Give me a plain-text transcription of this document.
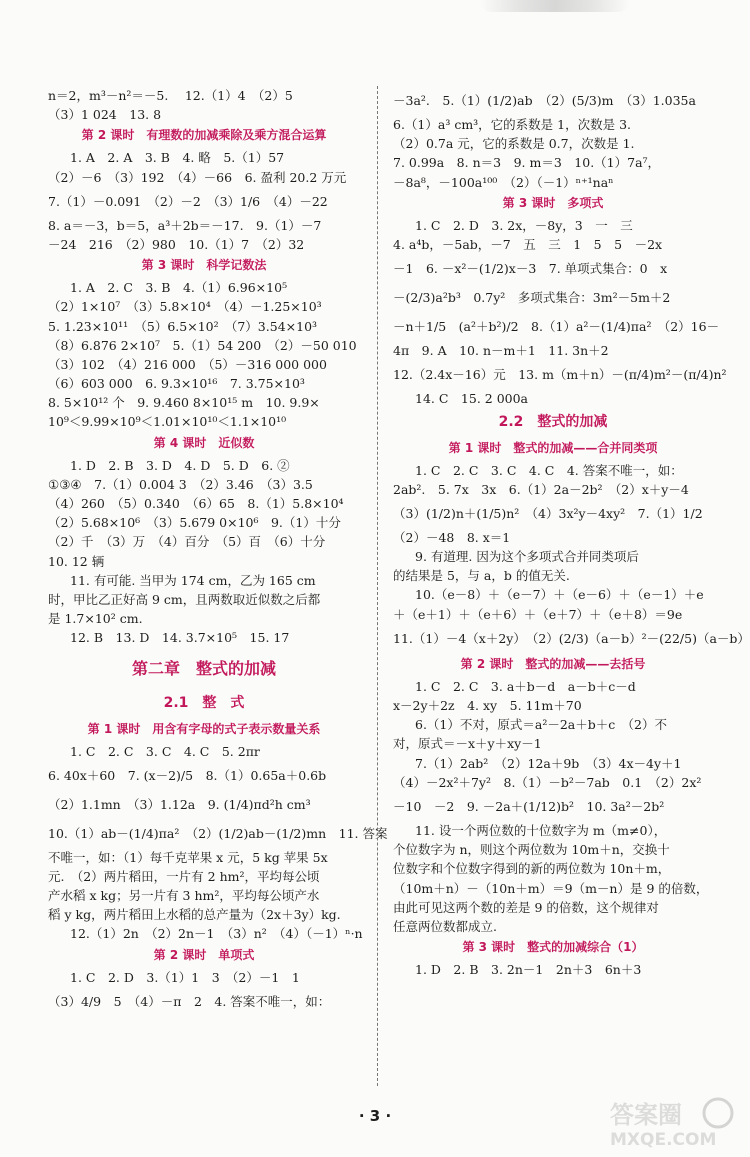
n＝2，m³－n²＝－5.　 12.（1）4　（2）5
（3）1 024　13. 8
第 2 课时　有理数的加减乘除及乘方混合运算
1. A　2. A　3. B　4. 略　5.（1）57
（2）－6　（3）192　（4）－66　6. 盈利 20.2 万元
7.（1）－0.091　（2）－2　（3）1/6　（4）－22
8. a＝－3，b＝5，a³＋2b＝－17.　9.（1）－7
－24　216　（2）980　10.（1）7　（2）32
第 3 课时　科学记数法
1. A　2. C　3. B　4.（1）6.96×10⁵
（2）1×10⁷　（3）5.8×10⁴　（4）－1.25×10³
5. 1.23×10¹¹　（5）6.5×10²　（7）3.54×10³
（8）6.876 2×10⁷　5.（1）54 200　（2）－50 010
（3）102　（4）216 000　（5）－316 000 000
（6）603 000　6. 9.3×10¹⁶　7. 3.75×10³
8. 5×10¹² 个　9. 9.460 8×10¹⁵ m　10. 9.9×
10⁹＜9.99×10⁹＜1.01×10¹⁰＜1.1×10¹⁰
第 4 课时　近似数
1. D　2. B　3. D　4. D　5. D　6. ②
①③④　7.（1）0.004 3　（2）3.46　（3）3.5
（4）260　（5）0.340　（6）65　8.（1）5.8×10⁴
（2）5.68×10⁶　（3）5.679 0×10⁶　9.（1）十分
（2）千　（3）万　（4）百分　（5）百　（6）十分
10. 12 辆
11. 有可能. 当甲为 174 cm，乙为 165 cm
时，甲比乙正好高 9 cm，且两数取近似数之后都
是 1.7×10² cm.
12. B　13. D　14. 3.7×10⁵　15. 17
第二章　整式的加减
2.1　整　式
第 1 课时　用含有字母的式子表示数量关系
1. C　2. C　3. C　4. C　5. 2πr
6. 40x＋60　7. (x－2)/5　8.（1）0.65a＋0.6b
（2）1.1mn　（3）1.12a　9. (1/4)πd²h cm³
10.（1）ab－(1/4)πa²　（2）(1/2)ab－(1/2)mn　11. 答案
不唯一，如：（1）每千克苹果 x 元，5 kg 苹果 5x
元.　（2）两片稻田，一片有 2 hm²，平均每公顷
产水稻 x kg；另一片有 3 hm²，平均每公顷产水
稻 y kg，两片稻田上水稻的总产量为（2x＋3y）kg.
12.（1）2n　（2）2n－1　（3）n²　（4）（－1）ⁿ·n
第 2 课时　单项式
1. C　2. D　3.（1）1　3　（2）－1　1
（3）4/9　5　（4）－π　2　4. 答案不唯一，如：
－3a².　5.（1）(1/2)ab　（2）(5/3)m　（3）1.035a
6.（1）a³ cm³，它的系数是 1，次数是 3.
（2）0.7a 元，它的系数是 0.7，次数是 1.
7. 0.99a　8. n＝3　9. m＝3　10.（1）7a⁷，
－8a⁸，－100a¹⁰⁰　（2）（－1）ⁿ⁺¹naⁿ
第 3 课时　多项式
1. C　2. D　3. 2x，－8y，3　一　三
4. a⁴b，－5ab，－7　五　三　1　5　5　－2x
－1　6. －x²－(1/2)x－3　7. 单项式集合：0　x
－(2/3)a²b³　0.7y²　多项式集合：3m²－5m＋2
－n＋1/5　(a²＋b²)/2　8.（1）a²－(1/4)πa²　（2）16－
4π　9. A　10. n－m＋1　11. 3n＋2
12.（2.4x－16）元　13. m（m＋n）－(π/4)m²－(π/4)n²
14. C　15. 2 000a
2.2　整式的加减
第 1 课时　整式的加减——合并同类项
1. C　2. C　3. C　4. C　4. 答案不唯一，如：
2ab².　5. 7x　3x　6.（1）2a－2b²　（2）x＋y－4
（3）(1/2)n＋(1/5)n²　（4）3x²y－4xy²　7.（1）1/2
（2）－48　8. x＝1
9. 有道理. 因为这个多项式合并同类项后
的结果是 5，与 a，b 的值无关.
10.（e－8）＋（e－7）＋（e－6）＋（e－1）＋e
＋（e＋1）＋（e＋6）＋（e＋7）＋（e＋8）＝9e
11.（1）－4（x＋2y）　（2）(2/3)（a－b）²－(22/5)（a－b）
第 2 课时　整式的加减——去括号
1. C　2. C　3. a＋b－d　a－b＋c－d
x－2y＋2z　4. xy　5. 11m＋70
6.（1）不对，原式＝a²－2a＋b＋c　（2）不
对，原式＝－x＋y＋xy－1
7.（1）2ab²　（2）12a＋9b　（3）4x－4y＋1
（4）－2x²＋7y²　8.（1）－b²－7ab　0.1　（2）2x²
－10　－2　9. －2a＋(1/12)b²　10. 3a²－2b²
11. 设一个两位数的十位数字为 m（m≠0），
个位数字为 n，则这个两位数为 10m＋n，交换十
位数字和个位数字得到的新的两位数为 10n＋m，
（10m＋n）－（10n＋m）＝9（m－n）是 9 的倍数，
由此可见这两个数的差是 9 的倍数，这个规律对
任意两位数都成立.
第 3 课时　整式的加减综合（1）
1. D　2. B　3. 2n－1　2n＋3　6n＋3
· 3 ·	答案圈
MXQE.COM
